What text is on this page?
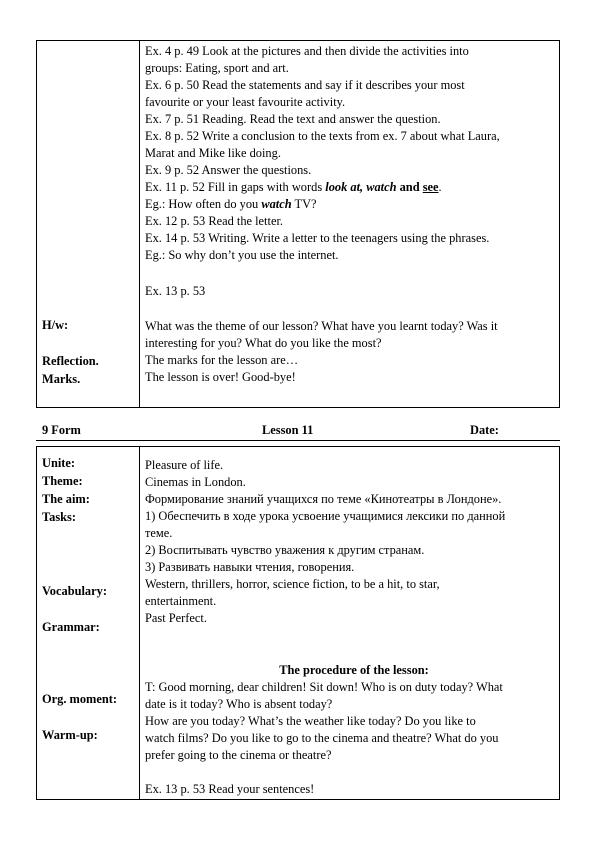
H/w:
Reflection.
Marks.
Ex. 4 p. 49 Look at the pictures and then divide the activities into
groups: Eating, sport and art.
Ex. 6 p. 50 Read the statements and say if it describes your most
favourite or your least favourite activity.
Ex. 7 p. 51 Reading. Read the text and answer the question.
Ex. 8 p. 52 Write a conclusion to the texts from ex. 7 about what Laura,
Marat and Mike like doing.
Ex. 9 p. 52 Answer the questions.
Ex. 11 p. 52 Fill in gaps with words look at, watch and see.
Eg.: How often do you watch TV?
Ex. 12 p. 53 Read the letter.
Ex. 14 p. 53 Writing. Write a letter to the teenagers using the phrases.
Eg.: So why don’t you use the internet.
Ex. 13 p. 53
What was the theme of our lesson? What have you learnt today? Was it
interesting for you? What do you like the most?
The marks for the lesson are…
The lesson is over! Good-bye!
9 Form	Lesson 11	Date:
Unite:
Theme:
The aim:
Tasks:
Vocabulary:
Grammar:
Org. moment:
Warm-up:
Pleasure of life.
Cinemas in London.
Формирование знаний учащихся по теме «Кинотеатры в Лондоне».
1) Обеспечить в ходе урока усвоение учащимися лексики по данной
теме.
2) Воспитывать чувство уважения к другим странам.
3) Развивать навыки чтения, говорения.
Western, thrillers, horror, science fiction, to be a hit, to star,
entertainment.
Past Perfect.
The procedure of the lesson:
T: Good morning, dear children! Sit down! Who is on duty today? What
date is it today? Who is absent today?
How are you today? What’s the weather like today? Do you like to
watch films? Do you like to go to the cinema and theatre? What do you
prefer going to the cinema or theatre?
Ex. 13 p. 53 Read your sentences!
